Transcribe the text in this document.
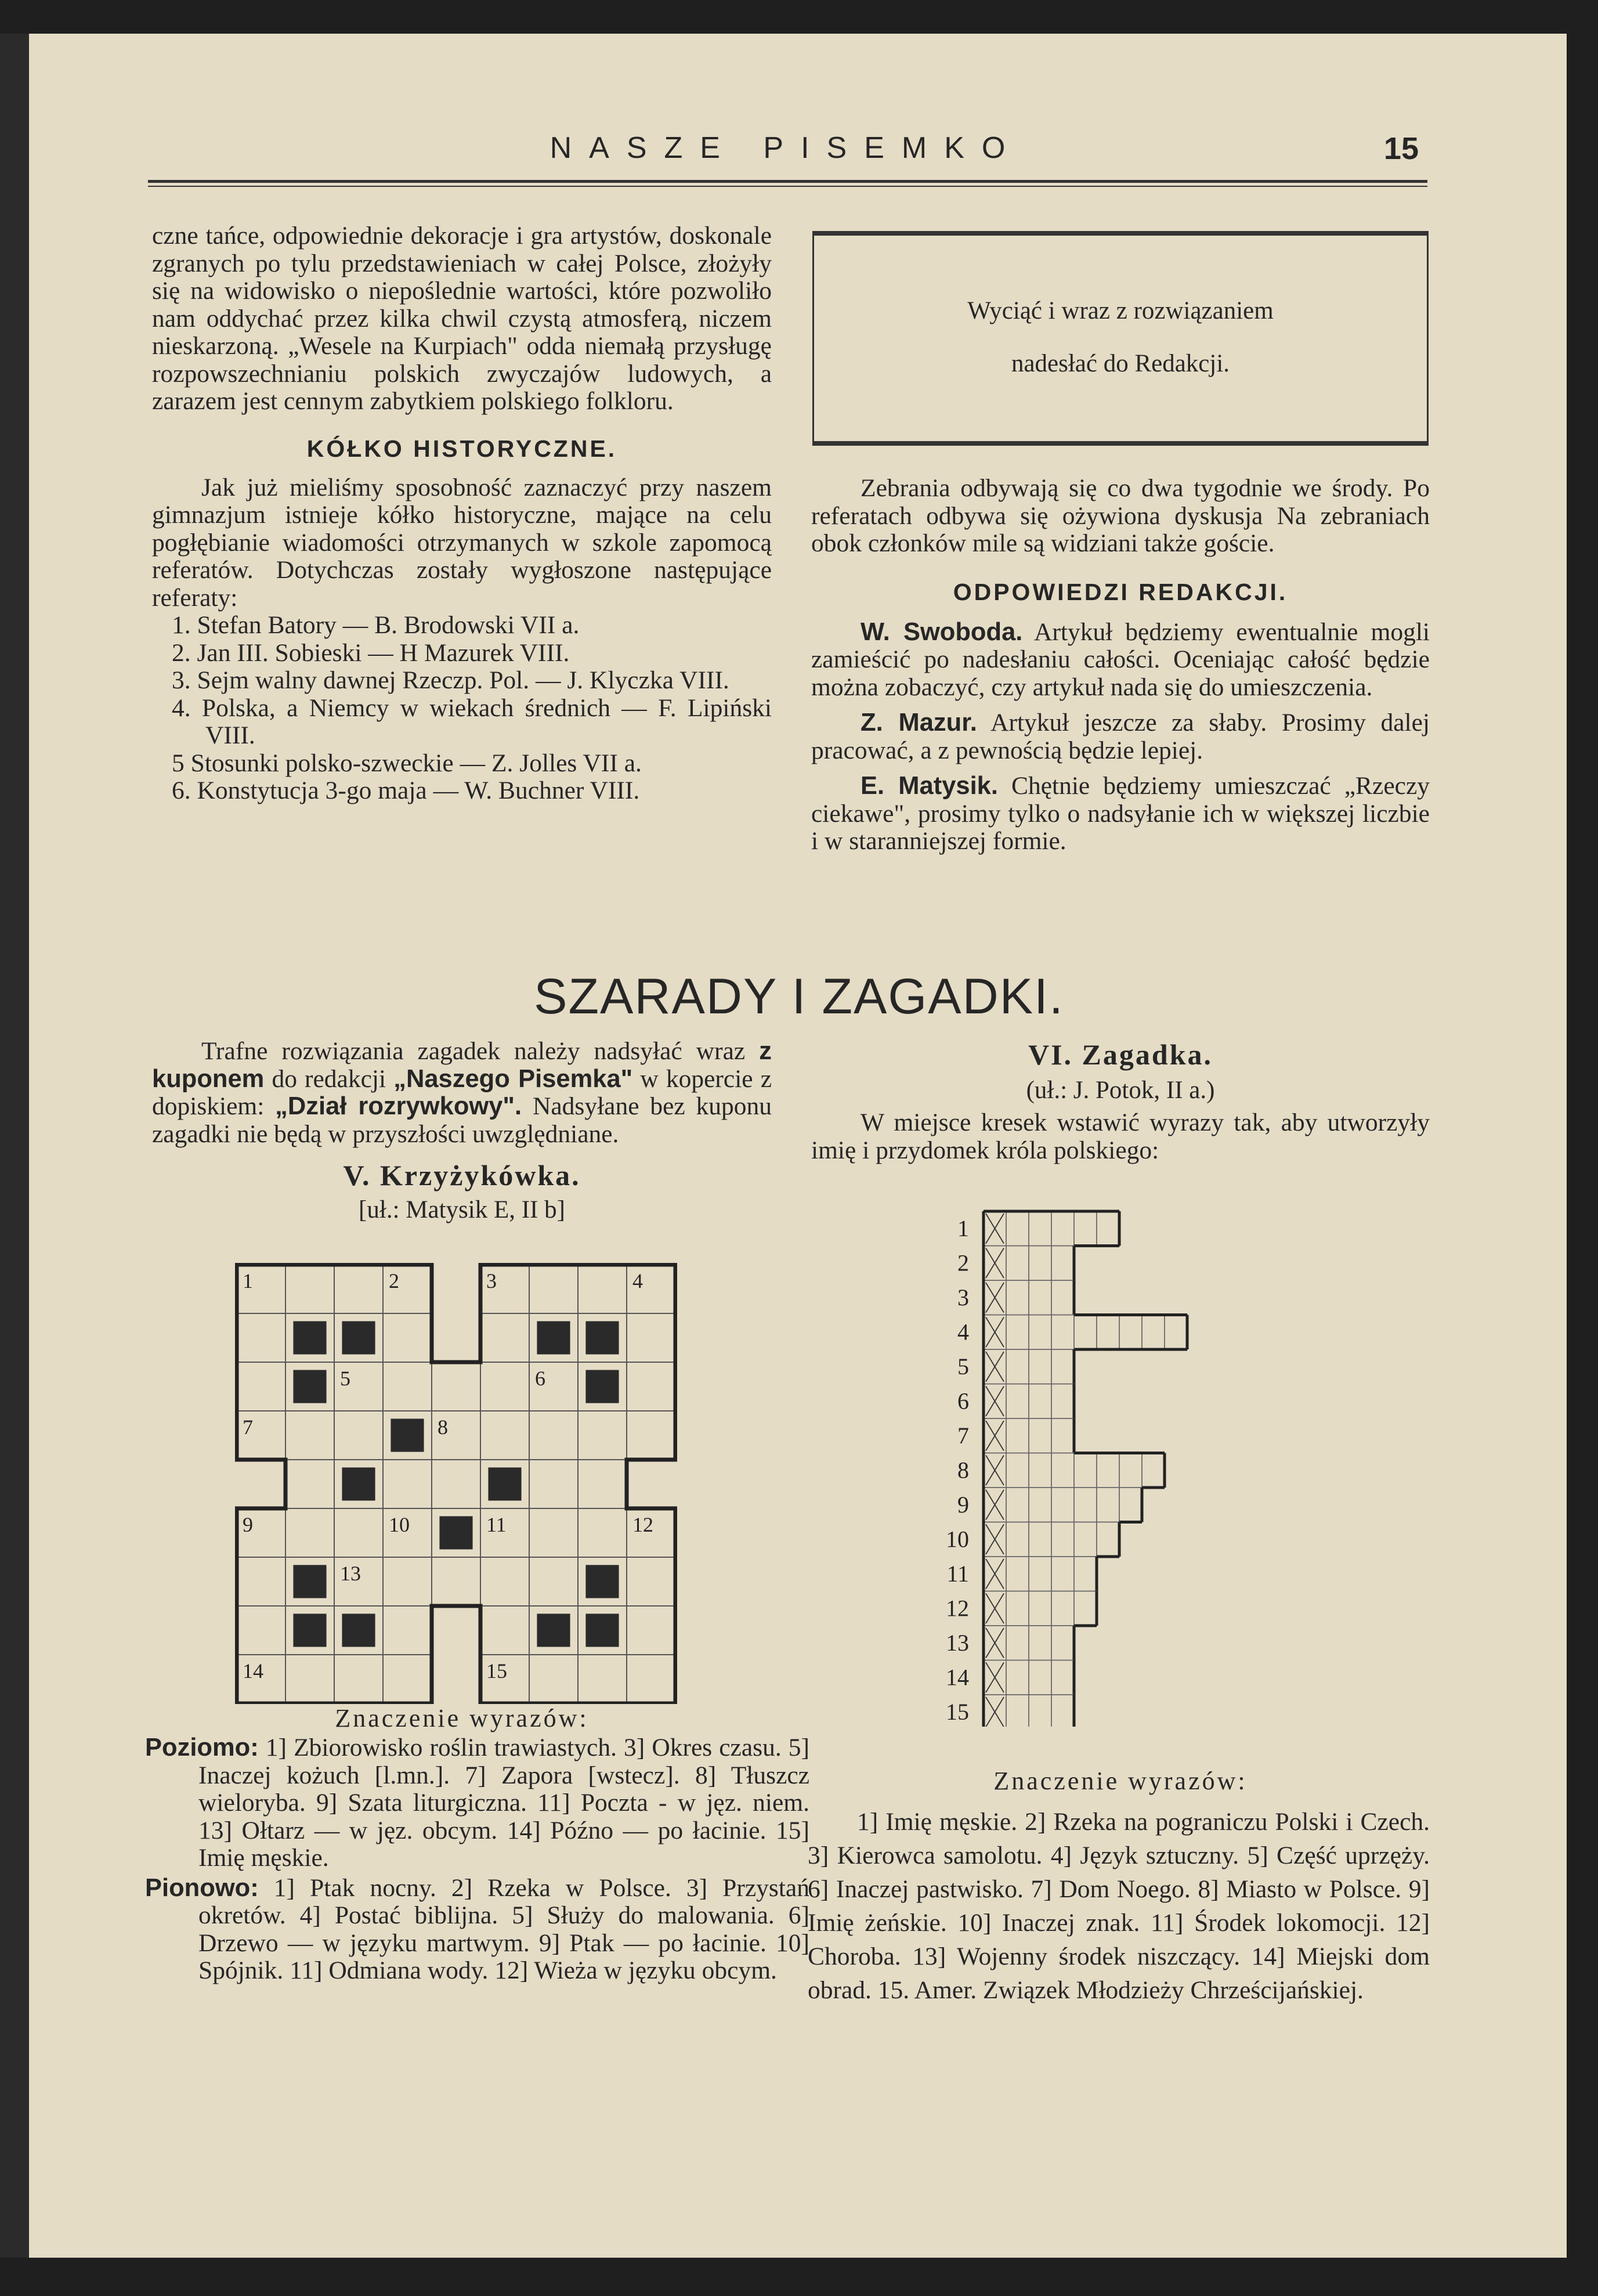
NASZE PISEMKO	15

czne tańce, odpowiednie dekoracje i gra artystów, doskonale zgranych po tylu przedstawieniach w całej Polsce, złożyły się na widowisko o niepoślednie wartości, które pozwoliło nam oddychać przez kilka chwil czystą atmosferą, niczem nieskarzoną. „Wesele na Kurpiach" odda niemałą przysługę rozpowszechnianiu polskich zwyczajów ludowych, a zarazem jest cennym zabytkiem polskiego folkloru.

KÓŁKO HISTORYCZNE.

Jak już mieliśmy sposobność zaznaczyć przy naszem gimnazjum istnieje kółko historyczne, mające na celu pogłębianie wiadomości otrzymanych w szkole zapomocą referatów. Dotychczas zostały wygłoszone następujące referaty:

1. Stefan Batory — B. Brodowski VII a.
2. Jan III. Sobieski — H Mazurek VIII.
3. Sejm walny dawnej Rzeczp. Pol. — J. Klyczka VIII.
4. Polska, a Niemcy w wiekach średnich — F. Lipiński VIII.
5 Stosunki polsko-szweckie — Z. Jolles VII a.
6. Konstytucja 3-go maja — W. Buchner VIII.

Wyciąć i wraz z rozwiązaniem

nadesłać do Redakcji.

Zebrania odbywają się co dwa tygodnie we środy. Po referatach odbywa się ożywiona dyskusja Na zebraniach obok członków mile są widziani także goście.

ODPOWIEDZI REDAKCJI.

W. Swoboda. Artykuł będziemy ewentualnie mogli zamieścić po nadesłaniu całości. Oceniając całość będzie można zobaczyć, czy artykuł nada się do umieszczenia.

Z. Mazur. Artykuł jeszcze za słaby. Prosimy dalej pracować, a z pewnością będzie lepiej.

E. Matysik. Chętnie będziemy umieszczać „Rzeczy ciekawe", prosimy tylko o nadsyłanie ich w większej liczbie i w staranniejszej formie.

SZARADY I ZAGADKI.

Trafne rozwiązania zagadek należy nadsyłać wraz z kuponem do redakcji „Naszego Pisemka" w kopercie z dopiskiem: „Dział rozrywkowy". Nadsyłane bez kuponu zagadki nie będą w przyszłości uwzględniane.

V. Krzyżykówka.
[uł.: Matysik E, II b]
1	2	3	4
5	6
7	8
9	10	11	12
13
14	15
Znaczenie wyrazów:

Poziomo: 1] Zbiorowisko roślin trawiastych. 3] Okres czasu. 5] Inaczej kożuch [l.mn.]. 7] Zapora [wstecz]. 8] Tłuszcz wieloryba. 9] Szata liturgiczna. 11] Poczta - w jęz. niem. 13] Ołtarz — w jęz. obcym. 14] Późno — po łacinie. 15] Imię męskie.

Pionowo: 1] Ptak nocny. 2] Rzeka w Polsce. 3] Przystań okretów. 4] Postać biblijna. 5] Służy do malowania. 6] Drzewo — w języku martwym. 9] Ptak — po łacinie. 10] Spójnik. 11] Odmiana wody. 12] Wieża w języku obcym.

VI. Zagadka.
(uł.: J. Potok, II a.)

W miejsce kresek wstawić wyrazy tak, aby utworzyły imię i przydomek króla polskiego:

1
2
3
4
5
6
7
8
9
10
11
12
13
14
15
Znaczenie wyrazów:

1] Imię męskie. 2] Rzeka na pograniczu Polski i Czech. 3] Kierowca samolotu. 4] Język sztuczny. 5] Część uprzęży. 6] Inaczej pastwisko. 7] Dom Noego. 8] Miasto w Polsce. 9] Imię żeńskie. 10] Inaczej znak. 11] Środek lokomocji. 12] Choroba. 13] Wojenny środek niszczący. 14] Miejski dom obrad. 15. Amer. Związek Młodzieży Chrześcijańskiej.
